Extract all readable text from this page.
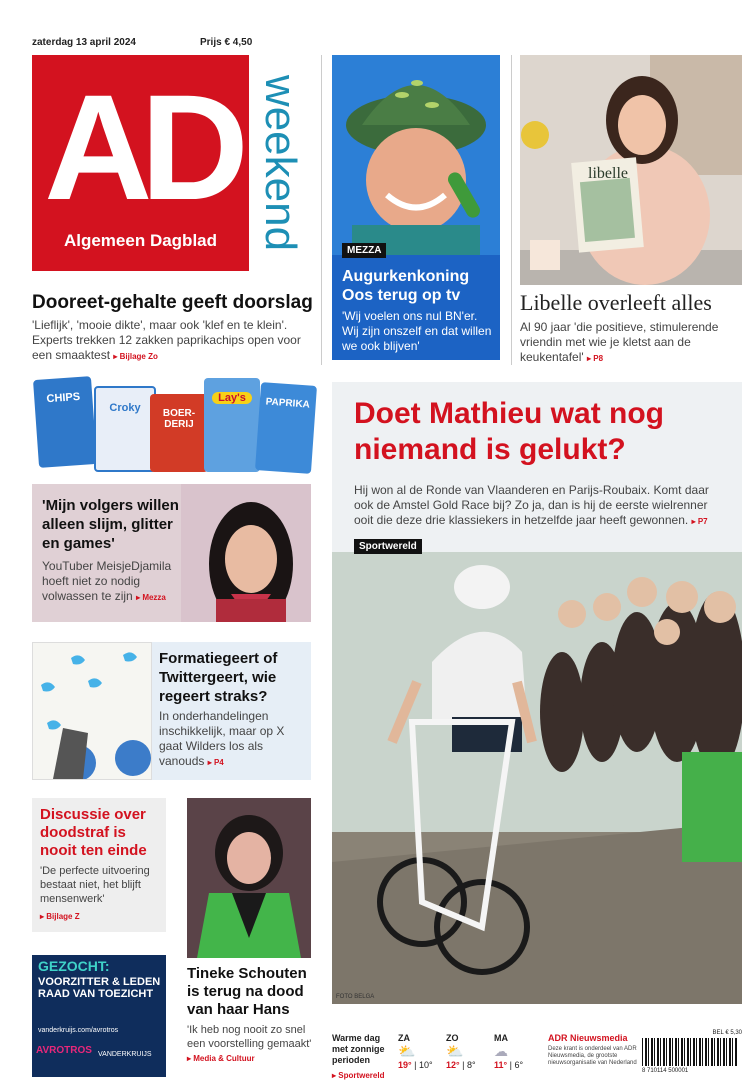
zaterdag 13 april 2024	Prijs € 4,50
AD
Algemeen Dagblad weekend	MEZZA
Augurkenkoning
Oos terug op tv
'Wij voelen ons nul BN'er. Wij zijn onszelf en dat willen we ook blijven'
libelle
Libelle overleeft alles
Al 90 jaar 'die positieve, stimulerende vriendin met wie je kletst aan de keukentafel' ▸ P8
Dooreet-gehalte geeft doorslag
'Lieflijk', 'mooie dikte', maar ook 'klef en te klein'. Experts trekken 12 zakken paprikachips open voor een smaaktest ▸ Bijlage Zo
CHIPS
Croky	BOER-DERIJ
Lay's	PAPRIKA Doet Mathieu wat nog
niemand is gelukt?
Hij won al de Ronde van Vlaanderen en Parijs-Roubaix. Komt daar ook de Amstel Gold Race bij? Zo ja, dan is hij de eerste wielrenner ooit die deze drie klassiekers in hetzelfde jaar heeft gewonnen. ▸ P7
Sportwereld
FOTO BELGA
'Mijn volgers willen alleen slijm, glitter en games'
YouTuber MeisjeDjamila hoeft niet zo nodig volwassen te zijn ▸ Mezza
Formatiegeert of Twittergeert, wie regeert straks?
In onderhandelingen inschikkelijk, maar op X gaat Wilders los als vanouds ▸ P4
Discussie over doodstraf is nooit ten einde
'De perfecte uitvoering bestaat niet, het blijft mensenwerk'
▸ Bijlage Z
Tineke Schouten is terug na dood van haar Hans
'Ik heb nog nooit zo snel een voorstelling gemaakt' ▸ Media & Cultuur
GEZOCHT:
VOORZITTER & LEDEN RAAD VAN TOEZICHT
vanderkruijs.com/avrotros
AVROTROS VANDERKRUIJS
Warme dag met zonnige perioden
▸ Sportwereld
ZA
⛅
19° | 10°
ZO
⛅
12° | 8°
MA
☁
11° | 6°
ADR Nieuwsmedia
Deze krant is onderdeel van ADR Nieuwsmedia, de grootste nieuwsorganisatie van Nederland
BEL € 5,30
8 710114 500001
